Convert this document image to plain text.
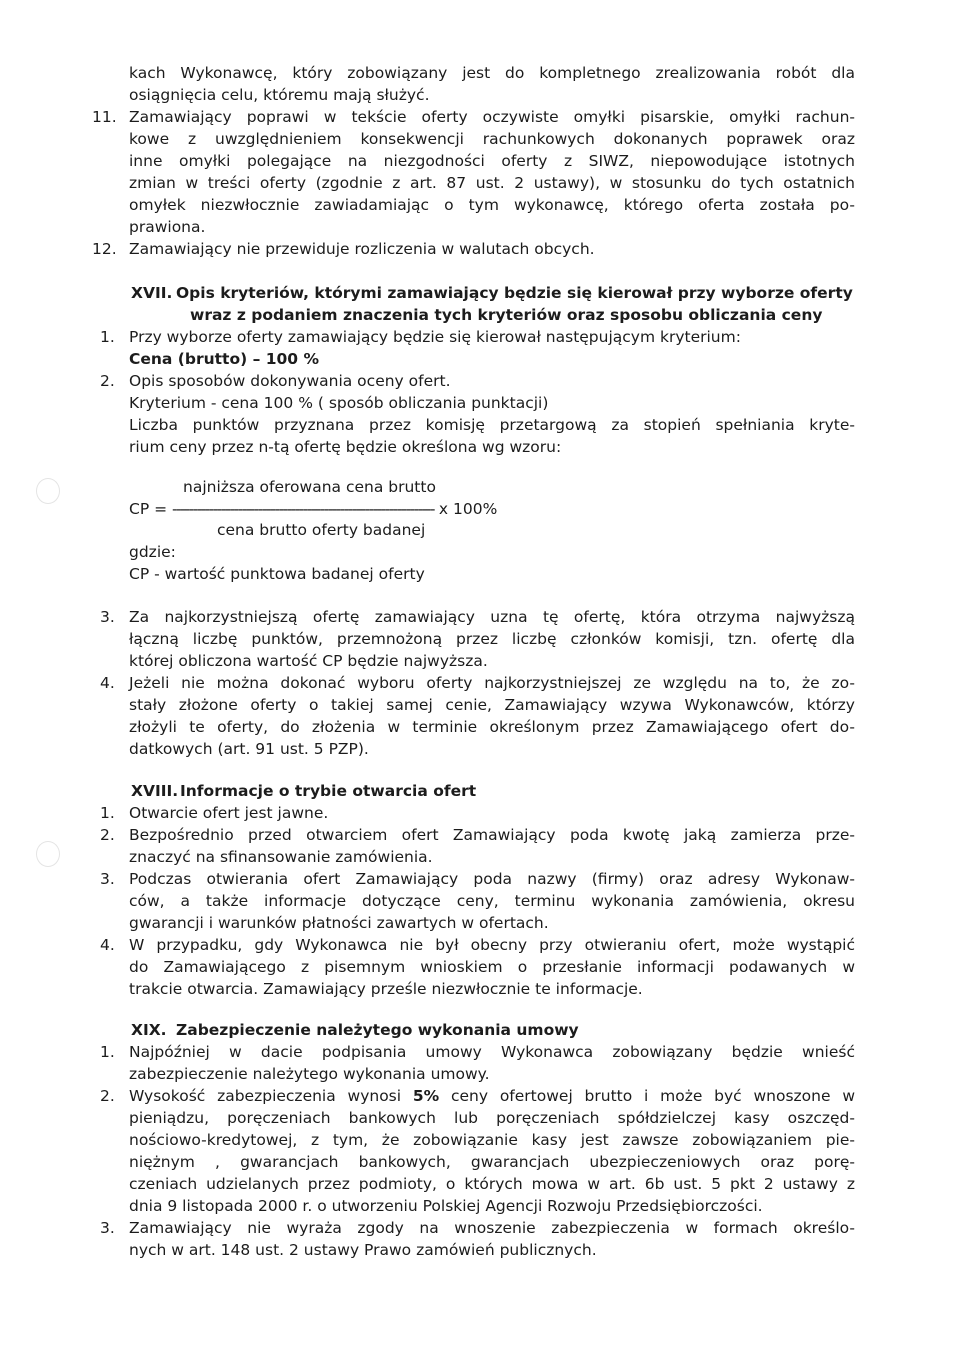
kach Wykonawcę, który zobowiązany jest do kompletnego zrealizowania robót dla
osiągnięcia celu, któremu mają służyć.
11. Zamawiający poprawi w tekście oferty oczywiste omyłki pisarskie, omyłki rachun-
kowe z uwzględnieniem konsekwencji rachunkowych dokonanych poprawek oraz
inne omyłki polegające na niezgodności oferty z SIWZ, niepowodujące istotnych
zmian w treści oferty (zgodnie z art. 87 ust. 2 ustawy), w stosunku do tych ostatnich
omyłek niezwłocznie zawiadamiając o tym wykonawcę, którego oferta została po-
prawiona.
12. Zamawiający nie przewiduje rozliczenia w walutach obcych.
XVII. Opis kryteriów, którymi zamawiający będzie się kierował przy wyborze oferty
wraz z podaniem znaczenia tych kryteriów oraz sposobu obliczania ceny
1. Przy wyborze oferty zamawiający będzie się kierował następującym kryterium:
Cena (brutto) – 100 %
2. Opis sposobów dokonywania oceny ofert.
Kryterium - cena 100 % ( sposób obliczania punktacji)
Liczba punktów przyznana przez komisję przetargową za stopień spełniania kryte-
rium ceny przez n-tą ofertę będzie określona wg wzoru:
najniższa oferowana cena brutto
CP = ---------------------------------------------------------------- x 100%
cena brutto oferty badanej
gdzie:
CP - wartość punktowa badanej oferty
3. Za najkorzystniejszą ofertę zamawiający uzna tę ofertę, która otrzyma najwyższą
łączną liczbę punktów, przemnożoną przez liczbę członków komisji, tzn. ofertę dla
której obliczona wartość CP będzie najwyższa.
4. Jeżeli nie można dokonać wyboru oferty najkorzystniejszej ze względu na to, że zo-
stały złożone oferty o takiej samej cenie, Zamawiający wzywa Wykonawców, którzy
złożyli te oferty, do złożenia w terminie określonym przez Zamawiającego ofert do-
datkowych (art. 91 ust. 5 PZP).
XVIII. Informacje o trybie otwarcia ofert
1. Otwarcie ofert jest jawne.
2. Bezpośrednio przed otwarciem ofert Zamawiający poda kwotę jaką zamierza prze-
znaczyć na sfinansowanie zamówienia.
3. Podczas otwierania ofert Zamawiający poda nazwy (firmy) oraz adresy Wykonaw-
ców, a także informacje dotyczące ceny, terminu wykonania zamówienia, okresu
gwarancji i warunków płatności zawartych w ofertach.
4. W przypadku, gdy Wykonawca nie był obecny przy otwieraniu ofert, może wystąpić
do Zamawiającego z pisemnym wnioskiem o przesłanie informacji podawanych w
trakcie otwarcia. Zamawiający prześle niezwłocznie te informacje.
XIX. Zabezpieczenie należytego wykonania umowy
1. Najpóźniej w dacie podpisania umowy Wykonawca zobowiązany będzie wnieść
zabezpieczenie należytego wykonania umowy.
2. Wysokość zabezpieczenia wynosi 5% ceny ofertowej brutto i może być wnoszone w
pieniądzu, poręczeniach bankowych lub poręczeniach spółdzielczej kasy oszczęd-
nościowo-kredytowej, z tym, że zobowiązanie kasy jest zawsze zobowiązaniem pie-
niężnym , gwarancjach bankowych, gwarancjach ubezpieczeniowych oraz porę-
czeniach udzielanych przez podmioty, o których mowa w art. 6b ust. 5 pkt 2 ustawy z
dnia 9 listopada 2000 r. o utworzeniu Polskiej Agencji Rozwoju Przedsiębiorczości.
3. Zamawiający nie wyraża zgody na wnoszenie zabezpieczenia w formach określo-
nych w art. 148 ust. 2 ustawy Prawo zamówień publicznych.
